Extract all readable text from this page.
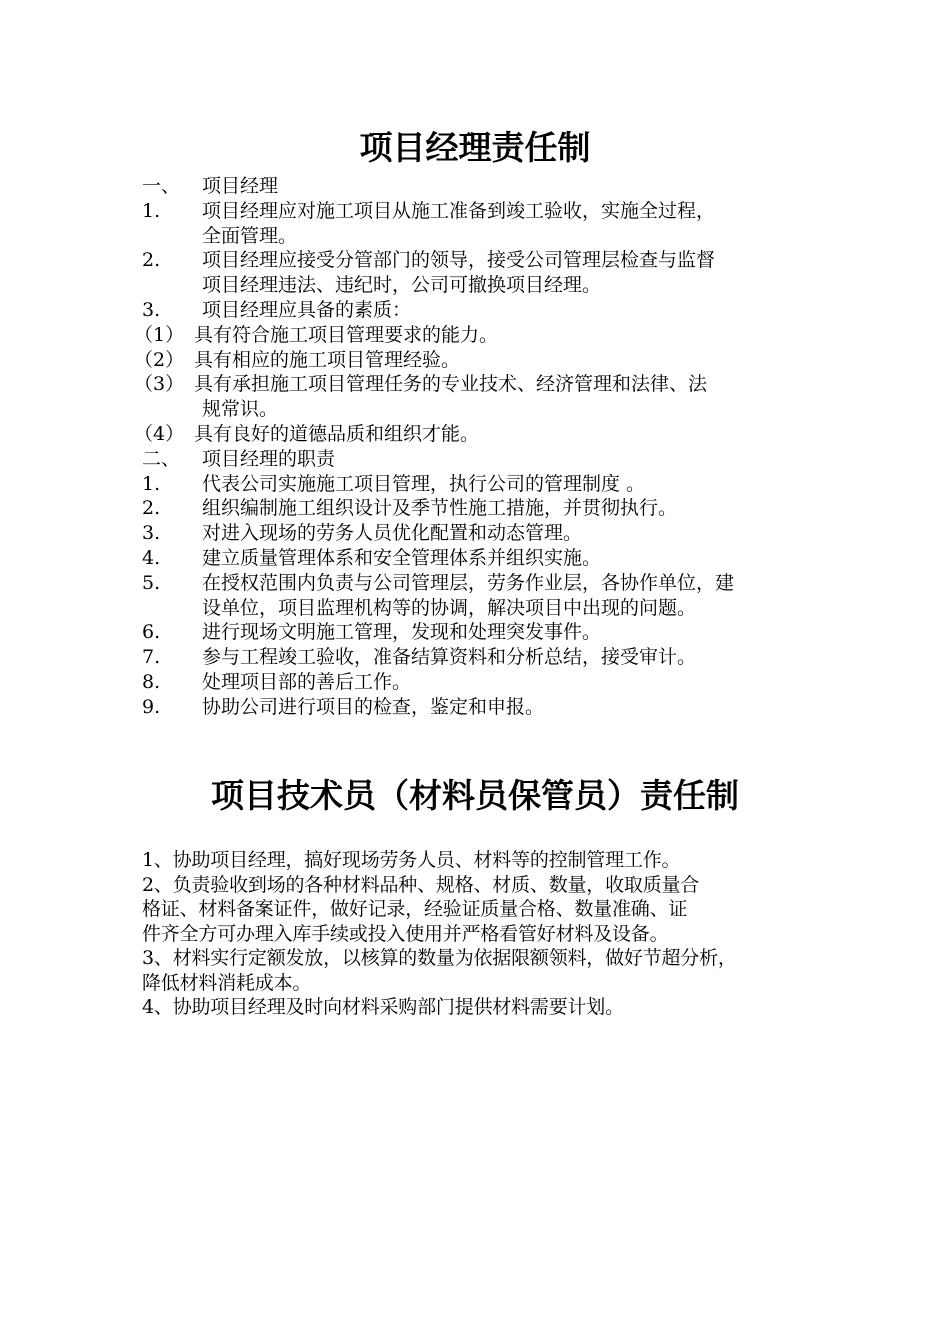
项目经理责任制
一、	项目经理
1.	项目经理应对施工项目从施工准备到竣工验收，实施全过程，
全面管理。
2.	项目经理应接受分管部门的领导，接受公司管理层检查与监督
项目经理违法、违纪时，公司可撤换项目经理。
3.	项目经理应具备的素质：
（1） 具有符合施工项目管理要求的能力。
（2） 具有相应的施工项目管理经验。
（3） 具有承担施工项目管理任务的专业技术、经济管理和法律、法
规常识。
（4） 具有良好的道德品质和组织才能。
二、	项目经理的职责
1.	代表公司实施施工项目管理，执行公司的管理制度 。
2.	组织编制施工组织设计及季节性施工措施，并贯彻执行。
3.	对进入现场的劳务人员优化配置和动态管理。
4.	建立质量管理体系和安全管理体系并组织实施。
5.	在授权范围内负责与公司管理层，劳务作业层，各协作单位，建
设单位，项目监理机构等的协调，解决项目中出现的问题。
6.	进行现场文明施工管理，发现和处理突发事件。
7.	参与工程竣工验收，准备结算资料和分析总结，接受审计。
8.	处理项目部的善后工作。
9.	协助公司进行项目的检查，鉴定和申报。
项目技术员（材料员保管员）责任制
1、协助项目经理，搞好现场劳务人员、材料等的控制管理工作。
2、负责验收到场的各种材料品种、规格、材质、数量，收取质量合
格证、材料备案证件，做好记录，经验证质量合格、数量准确、证
件齐全方可办理入库手续或投入使用并严格看管好材料及设备。
3、材料实行定额发放，以核算的数量为依据限额领料，做好节超分析，
降低材料消耗成本。
4、协助项目经理及时向材料采购部门提供材料需要计划。
